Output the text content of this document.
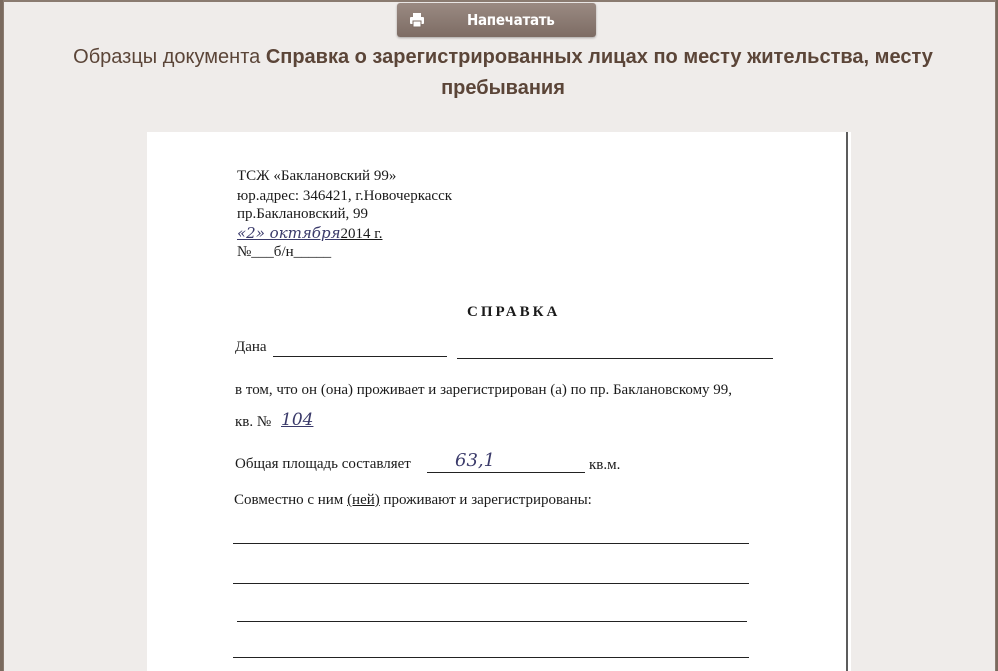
Напечатать
Образцы документа Справка о зарегистрированных лицах по месту жительства, месту пребывания
ТСЖ «Баклановский 99»
юр.адрес: 346421, г.Новочеркасск
пр.Баклановский, 99
«2» октября2014 г.
№___б/н_____
СПРАВКА
Дана
в том, что он (она) проживает и зарегистрирован (а) по пр. Баклановскому 99,
кв. № 104
Общая площадь составляет 63,1	кв.м.
Совместно с ним (ней) проживают и зарегистрированы:
